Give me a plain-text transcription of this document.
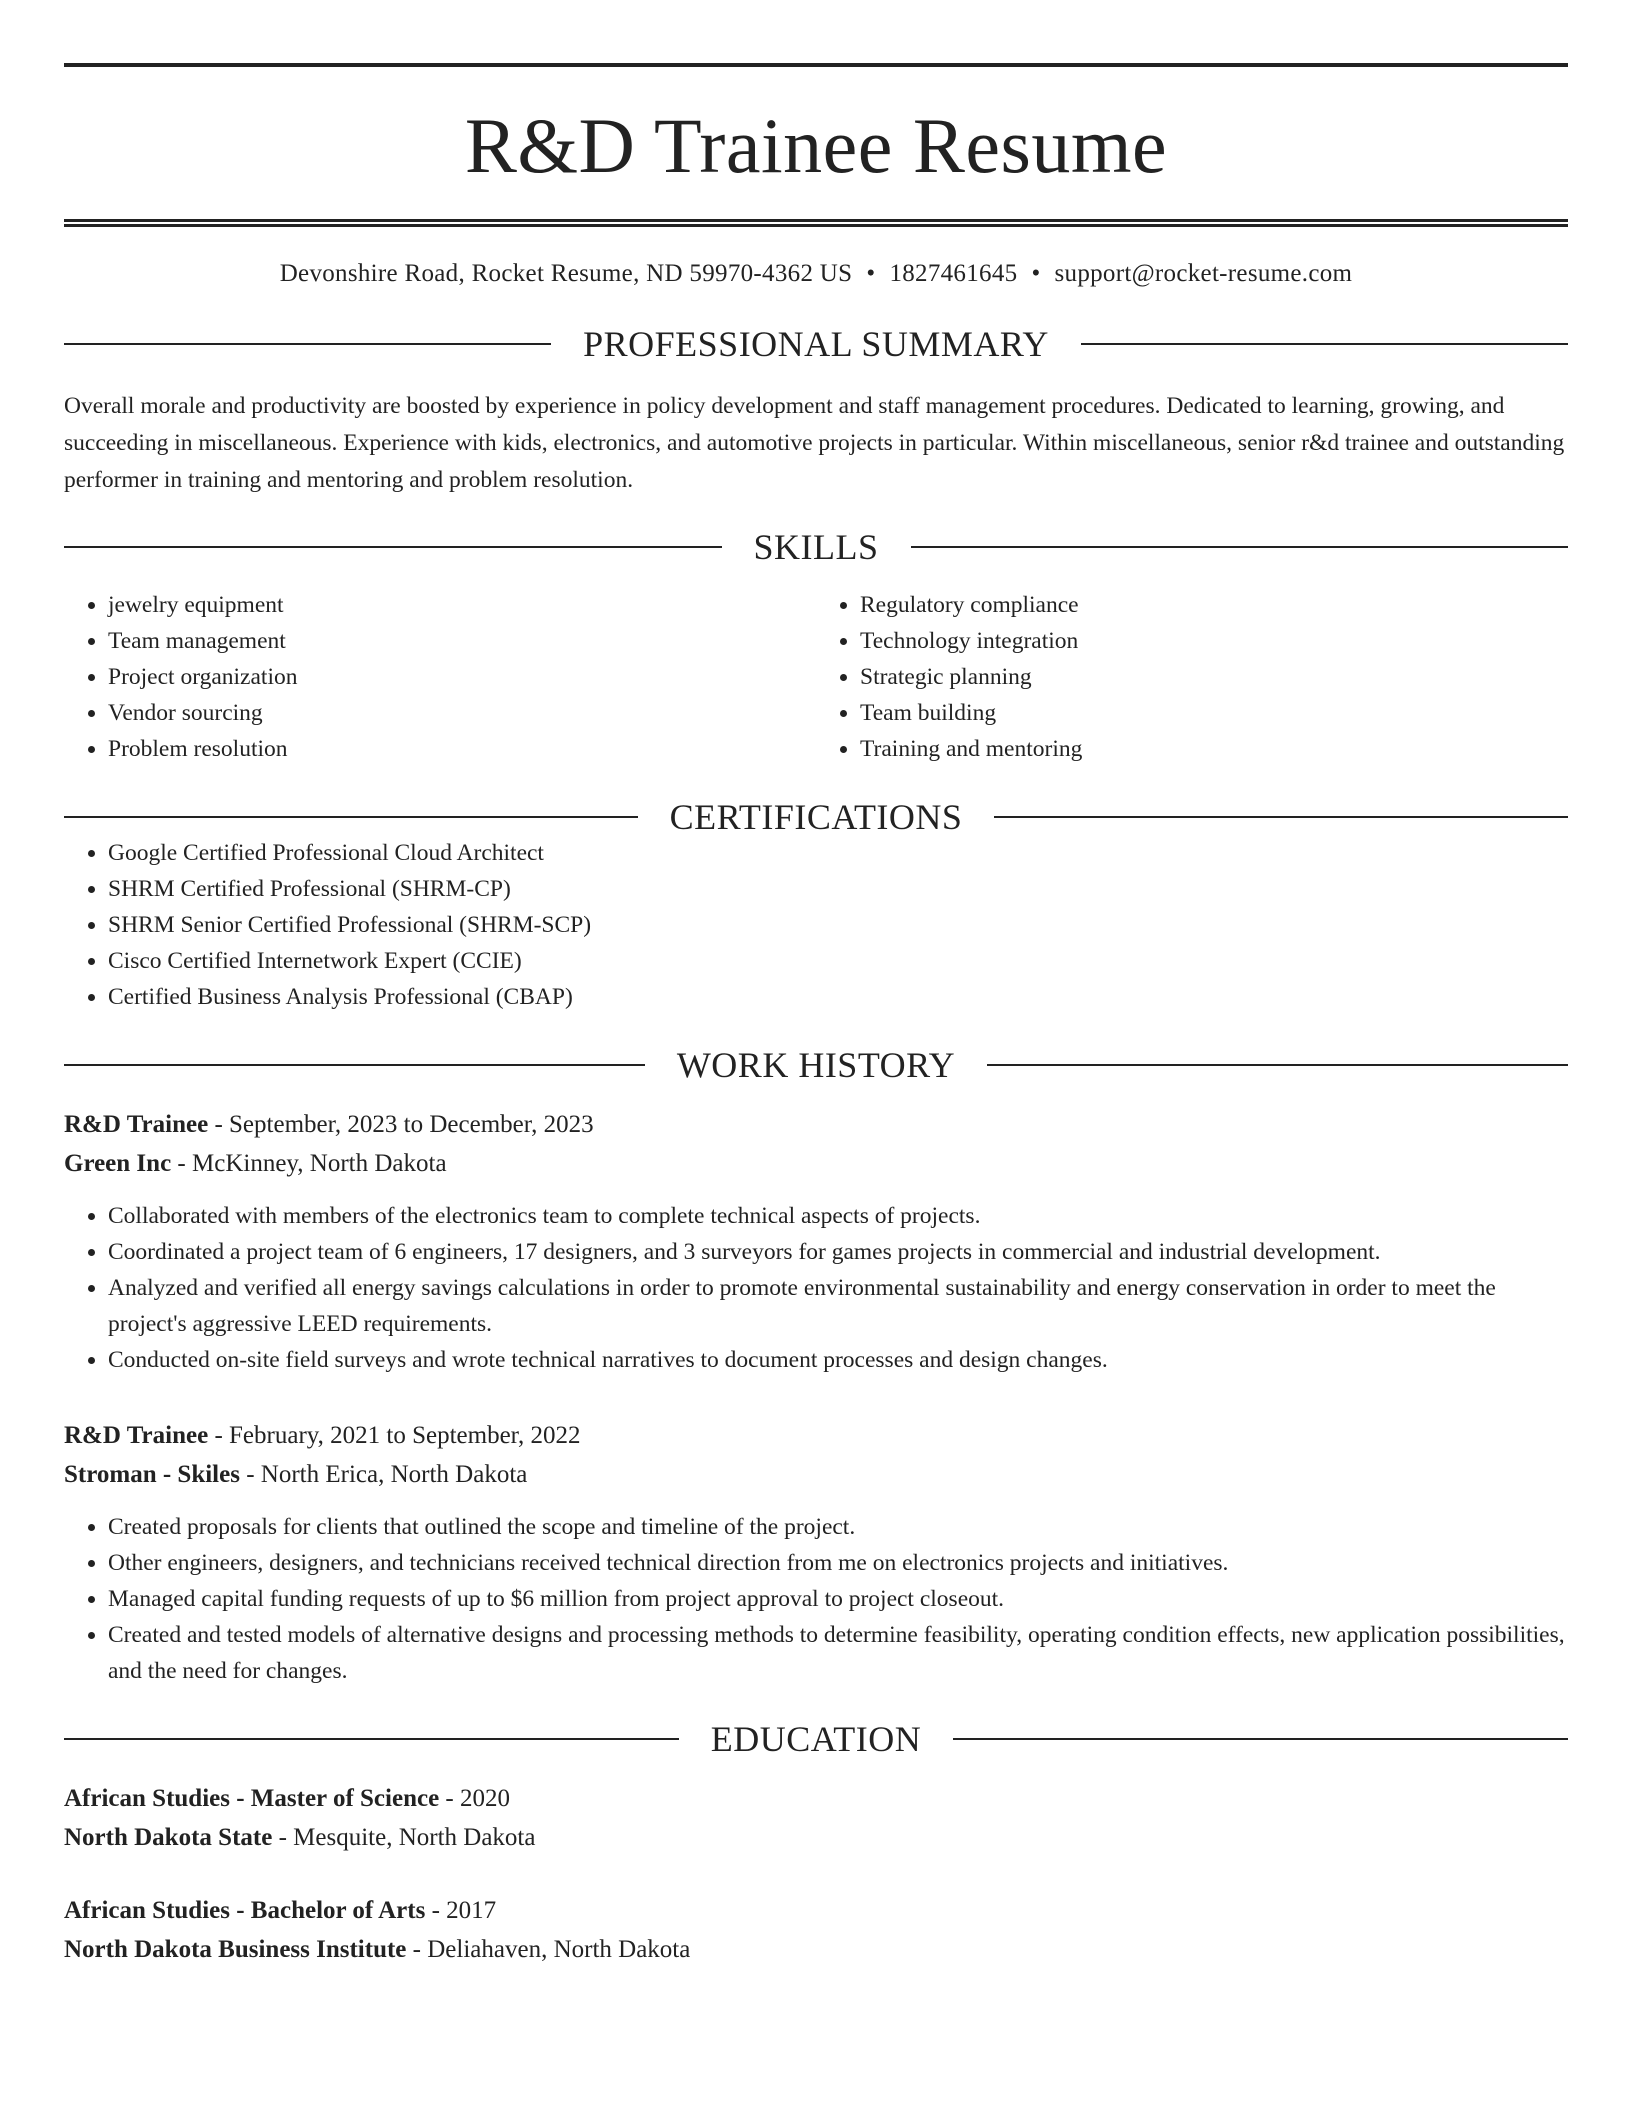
R&D Trainee Resume
Devonshire Road, Rocket Resume, ND 59970-4362 US • 1827461645 • support@rocket-resume.com
PROFESSIONAL SUMMARY

Overall morale and productivity are boosted by experience in policy development and staff management procedures. Dedicated to learning, growing, and succeeding in miscellaneous. Experience with kids, electronics, and automotive projects in particular. Within miscellaneous, senior r&d trainee and outstanding performer in training and mentoring and problem resolution.

SKILLS
• jewelry equipment
• Team management
• Project organization
• Vendor sourcing
• Problem resolution
• Regulatory compliance
• Technology integration
• Strategic planning
• Team building
• Training and mentoring
CERTIFICATIONS
• Google Certified Professional Cloud Architect
• SHRM Certified Professional (SHRM-CP)
• SHRM Senior Certified Professional (SHRM-SCP)
• Cisco Certified Internetwork Expert (CCIE)
• Certified Business Analysis Professional (CBAP)
WORK HISTORY
R&D Trainee - September, 2023 to December, 2023
Green Inc - McKinney, North Dakota
• Collaborated with members of the electronics team to complete technical aspects of projects.
• Coordinated a project team of 6 engineers, 17 designers, and 3 surveyors for games projects in commercial and industrial development.
• Analyzed and verified all energy savings calculations in order to promote environmental sustainability and energy conservation in order to meet the project's aggressive LEED requirements.
• Conducted on-site field surveys and wrote technical narratives to document processes and design changes.
R&D Trainee - February, 2021 to September, 2022
Stroman - Skiles - North Erica, North Dakota
• Created proposals for clients that outlined the scope and timeline of the project.
• Other engineers, designers, and technicians received technical direction from me on electronics projects and initiatives.
• Managed capital funding requests of up to $6 million from project approval to project closeout.
• Created and tested models of alternative designs and processing methods to determine feasibility, operating condition effects, new application possibilities, and the need for changes.
EDUCATION
African Studies - Master of Science - 2020
North Dakota State - Mesquite, North Dakota
African Studies - Bachelor of Arts - 2017
North Dakota Business Institute - Deliahaven, North Dakota
